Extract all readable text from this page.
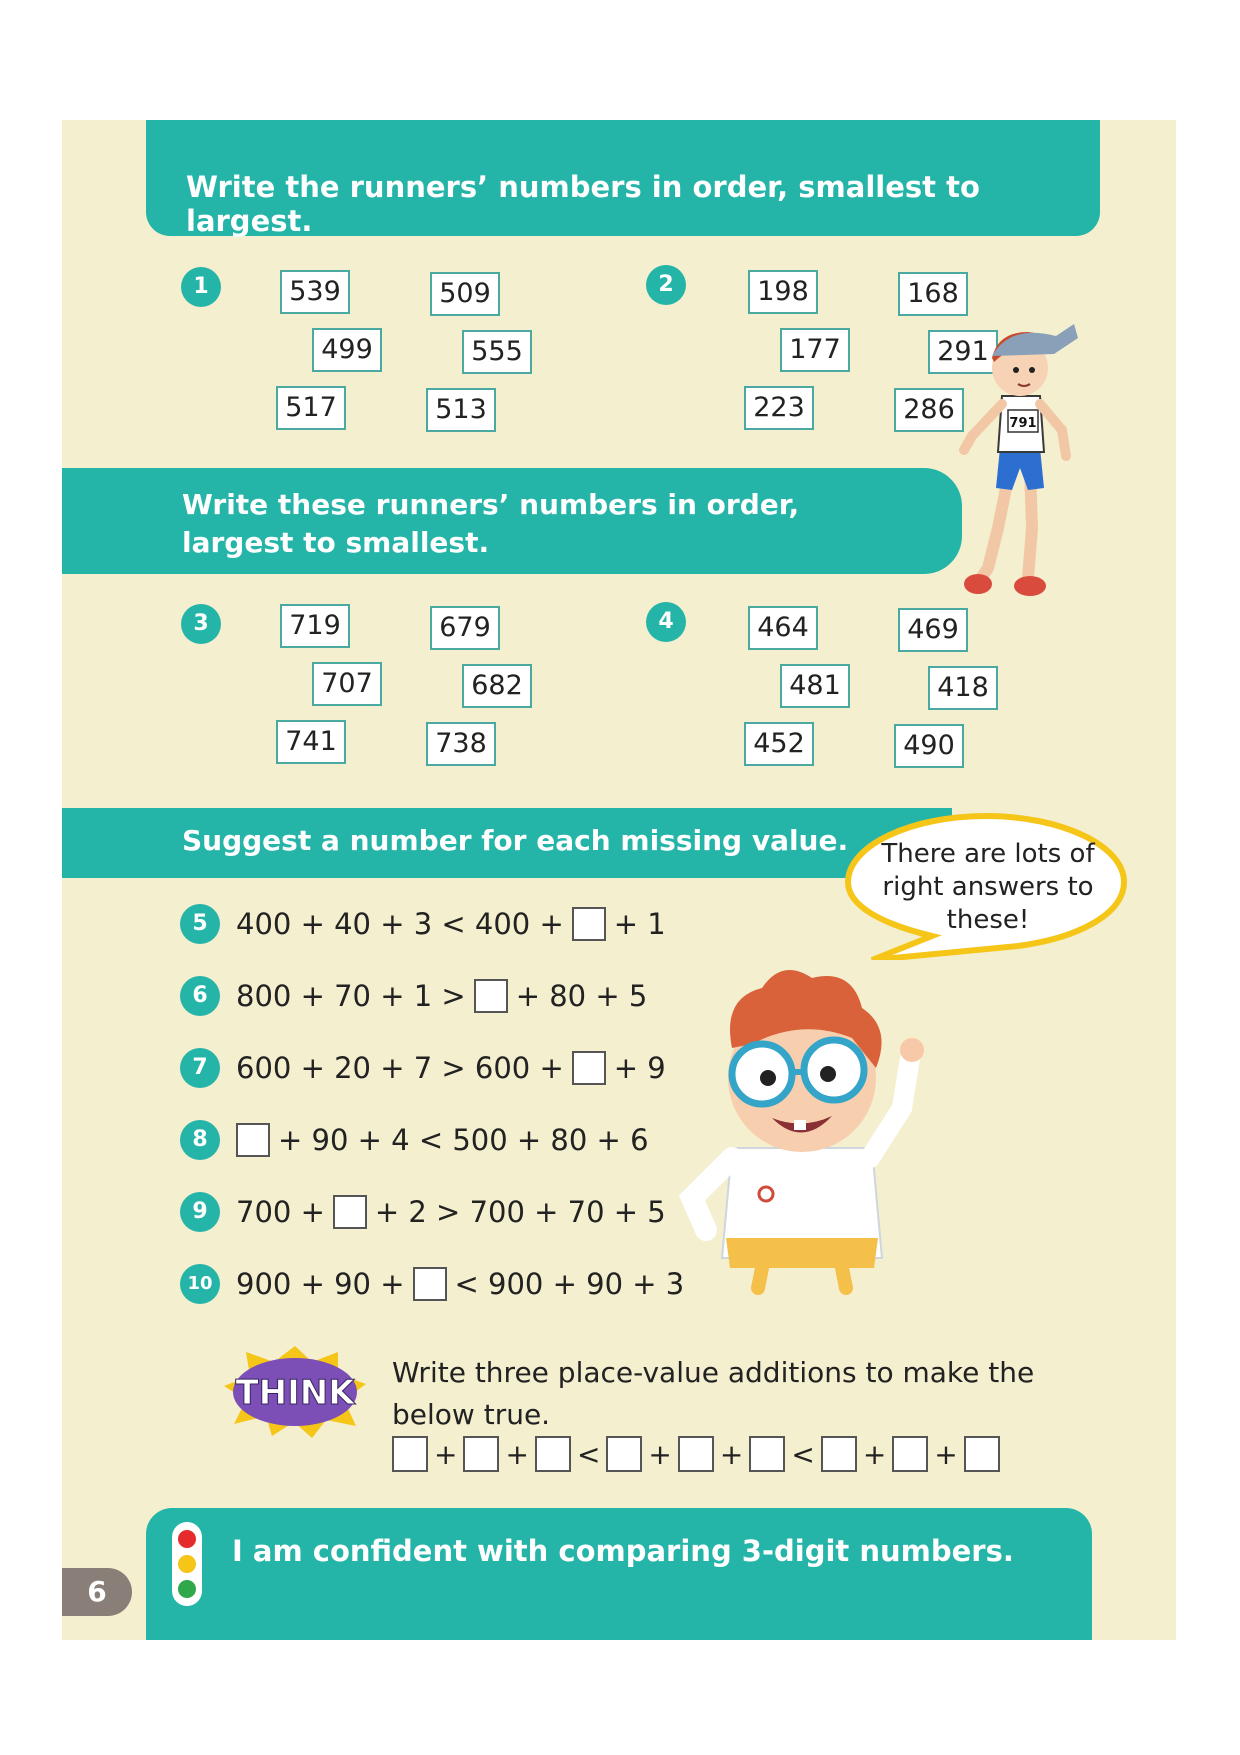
Write the runners’ numbers in order, smallest to largest.
1	539	509
499	555
517	513
2	198	168
177	291
223	286
Write these runners’ numbers in order, largest to smallest.
3	719	679
707	682
741	738
4	464	469
481	418
452	490
791
Suggest a number for each missing value.	There are lots of right answers to these!
5 400 + 40 + 3 < 400 + + 1
6 800 + 70 + 1 > + 80 + 5
7 600 + 20 + 7 > 600 + + 9
8	+ 90 + 4 < 500 + 80 + 6
9 700 + + 2 > 700 + 70 + 5
10 900 + 90 + < 900 + 90 + 3
THINK
Write three place-value additions to make the below true.
+ + < + + < + +
I am confident with comparing 3-digit numbers.
6
